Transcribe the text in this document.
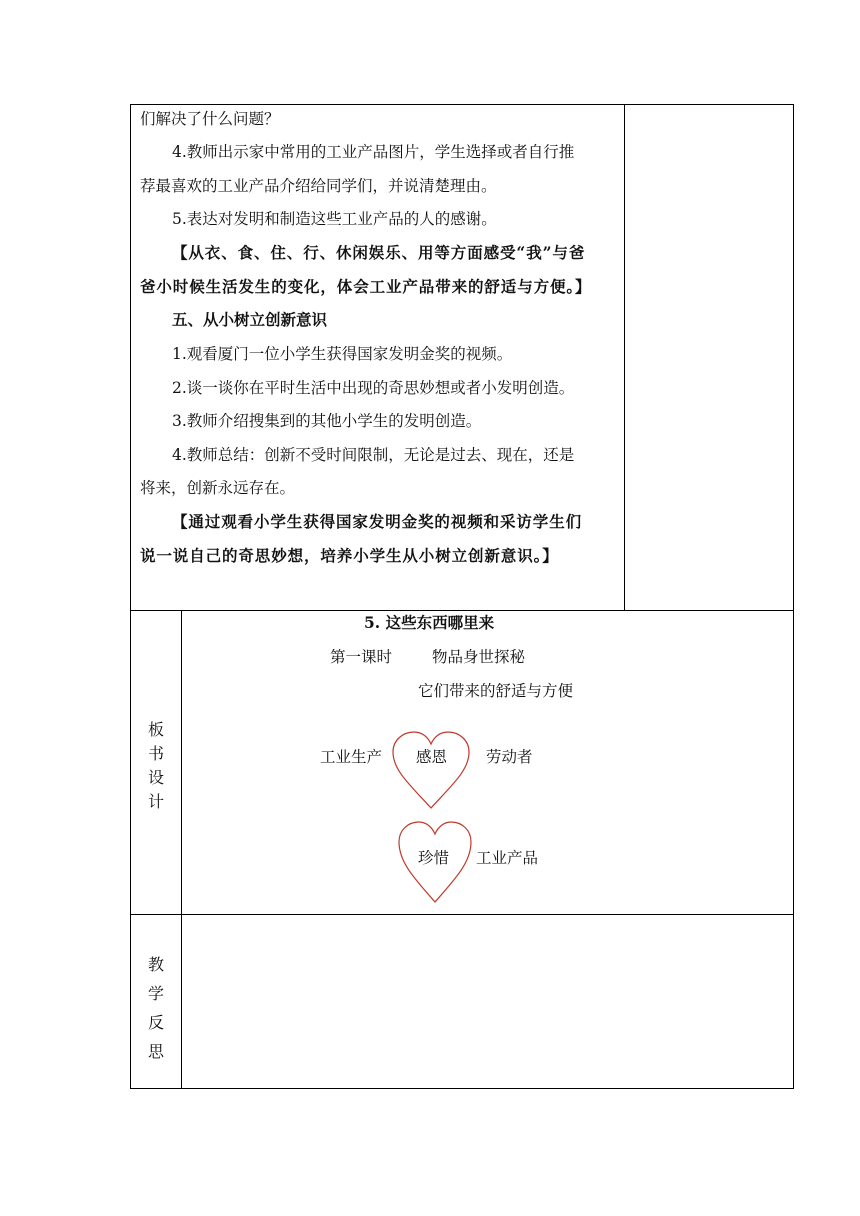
们解决了什么问题？
4.教师出示家中常用的工业产品图片，学生选择或者自行推
荐最喜欢的工业产品介绍给同学们，并说清楚理由。
5.表达对发明和制造这些工业产品的人的感谢。
【从衣、食、住、行、休闲娱乐、用等方面感受“我”与爸
爸小时候生活发生的变化，体会工业产品带来的舒适与方便。】
五、从小树立创新意识
1.观看厦门一位小学生获得国家发明金奖的视频。
2.谈一谈你在平时生活中出现的奇思妙想或者小发明创造。
3.教师介绍搜集到的其他小学生的发明创造。
4.教师总结：创新不受时间限制，无论是过去、现在，还是
将来，创新永远存在。
【通过观看小学生获得国家发明金奖的视频和采访学生们
说一说自己的奇思妙想，培养小学生从小树立创新意识。】
板
书
设
计
5. 这些东西哪里来
第一课时	物品身世探秘
它们带来的舒适与方便
工业生产 感恩	劳动者
珍惜 工业产品
教
学
反
思
